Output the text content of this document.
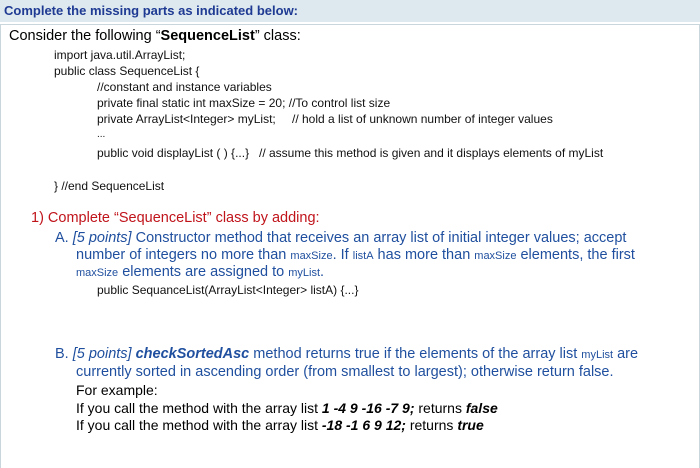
Complete the missing parts as indicated below:
Consider the following “SequenceList” class:
import java.util.ArrayList;
public class SequenceList {
//constant and instance variables
private final static int maxSize = 20; //To control list size
private ArrayList<Integer> myList; // hold a list of unknown number of integer values
...
public void displayList ( ) {...} // assume this method is given and it displays elements of myList
} //end SequenceList
1) Complete “SequenceList” class by adding:
A. [5 points] Constructor method that receives an array list of initial integer values; accept
number of integers no more than maxSize. If listA has more than maxSize elements, the first
maxSize elements are assigned to myList.
public SequanceList(ArrayList<Integer> listA) {...}
B. [5 points] checkSortedAsc method returns true if the elements of the array list myList are
currently sorted in ascending order (from smallest to largest); otherwise return false.
For example:
If you call the method with the array list 1 -4 9 -16 -7 9; returns false
If you call the method with the array list -18 -1 6 9 12; returns true
